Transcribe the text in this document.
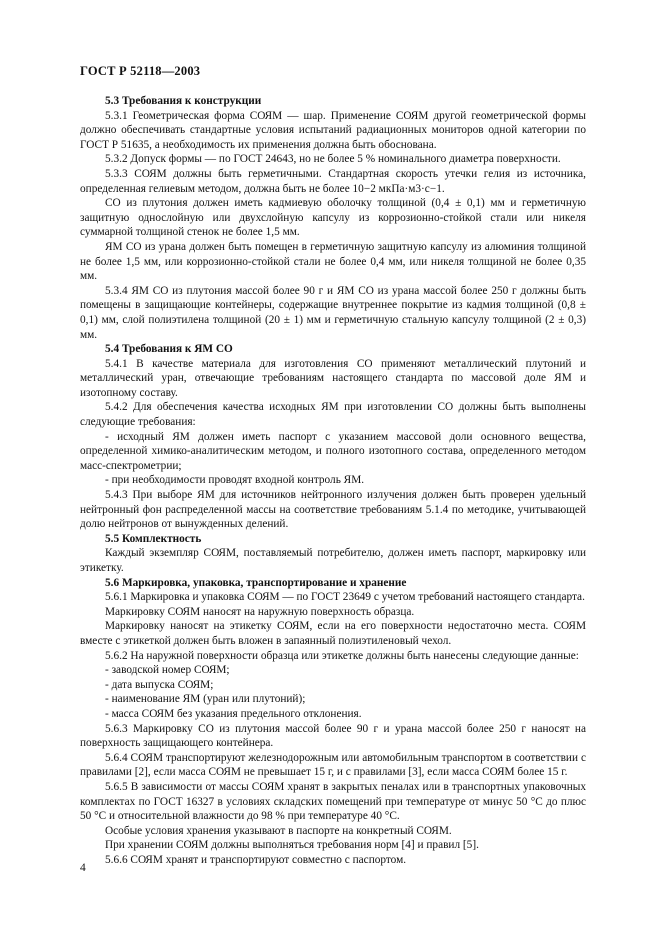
ГОСТ Р 52118—2003

5.3 Требования к конструкции

5.3.1 Геометрическая форма СОЯМ — шар. Применение СОЯМ другой геометрической формы должно обеспечивать стандартные условия испытаний радиационных мониторов одной категории по ГОСТ Р 51635, а необходимость их применения должна быть обоснована.

5.3.2 Допуск формы — по ГОСТ 24643, но не более 5 % номинального диаметра поверхности.

5.3.3 СОЯМ должны быть герметичными. Стандартная скорость утечки гелия из источника, определенная гелиевым методом, должна быть не более 10−2 мкПа·м3·с−1.

СО из плутония должен иметь кадмиевую оболочку толщиной (0,4 ± 0,1) мм и герметичную защитную однослойную или двухслойную капсулу из коррозионно-стойкой стали или никеля суммарной толщиной стенок не более 1,5 мм.

ЯМ СО из урана должен быть помещен в герметичную защитную капсулу из алюминия толщиной не более 1,5 мм, или коррозионно-стойкой стали не более 0,4 мм, или никеля толщиной не более 0,35 мм.

5.3.4 ЯМ СО из плутония массой более 90 г и ЯМ СО из урана массой более 250 г должны быть помещены в защищающие контейнеры, содержащие внутреннее покрытие из кадмия толщиной (0,8 ± 0,1) мм, слой полиэтилена толщиной (20 ± 1) мм и герметичную стальную капсулу толщиной (2 ± 0,3) мм.

5.4 Требования к ЯМ СО

5.4.1 В качестве материала для изготовления СО применяют металлический плутоний и металлический уран, отвечающие требованиям настоящего стандарта по массовой доле ЯМ и изотопному составу.

5.4.2 Для обеспечения качества исходных ЯМ при изготовлении СО должны быть выполнены следующие требования:

- исходный ЯМ должен иметь паспорт с указанием массовой доли основного вещества, определенной химико-аналитическим методом, и полного изотопного состава, определенного методом масс-спектрометрии;

- при необходимости проводят входной контроль ЯМ.

5.4.3 При выборе ЯМ для источников нейтронного излучения должен быть проверен удельный нейтронный фон распределенной массы на соответствие требованиям 5.1.4 по методике, учитывающей долю нейтронов от вынужденных делений.

5.5 Комплектность

Каждый экземпляр СОЯМ, поставляемый потребителю, должен иметь паспорт, маркировку или этикетку.

5.6 Маркировка, упаковка, транспортирование и хранение

5.6.1 Маркировка и упаковка СОЯМ — по ГОСТ 23649 с учетом требований настоящего стандарта.

Маркировку СОЯМ наносят на наружную поверхность образца.

Маркировку наносят на этикетку СОЯМ, если на его поверхности недостаточно места. СОЯМ вместе с этикеткой должен быть вложен в запаянный полиэтиленовый чехол.

5.6.2 На наружной поверхности образца или этикетке должны быть нанесены следующие данные:

- заводской номер СОЯМ;

- дата выпуска СОЯМ;

- наименование ЯМ (уран или плутоний);

- масса СОЯМ без указания предельного отклонения.

5.6.3 Маркировку СО из плутония массой более 90 г и урана массой более 250 г наносят на поверхность защищающего контейнера.

5.6.4 СОЯМ транспортируют железнодорожным или автомобильным транспортом в соответствии с правилами [2], если масса СОЯМ не превышает 15 г, и с правилами [3], если масса СОЯМ более 15 г.

5.6.5 В зависимости от массы СОЯМ хранят в закрытых пеналах или в транспортных упаковочных комплектах по ГОСТ 16327 в условиях складских помещений при температуре от минус 50 °С до плюс 50 °С и относительной влажности до 98 % при температуре 40 °С.

Особые условия хранения указывают в паспорте на конкретный СОЯМ.

При хранении СОЯМ должны выполняться требования норм [4] и правил [5].

5.6.6 СОЯМ хранят и транспортируют совместно с паспортом.

4
